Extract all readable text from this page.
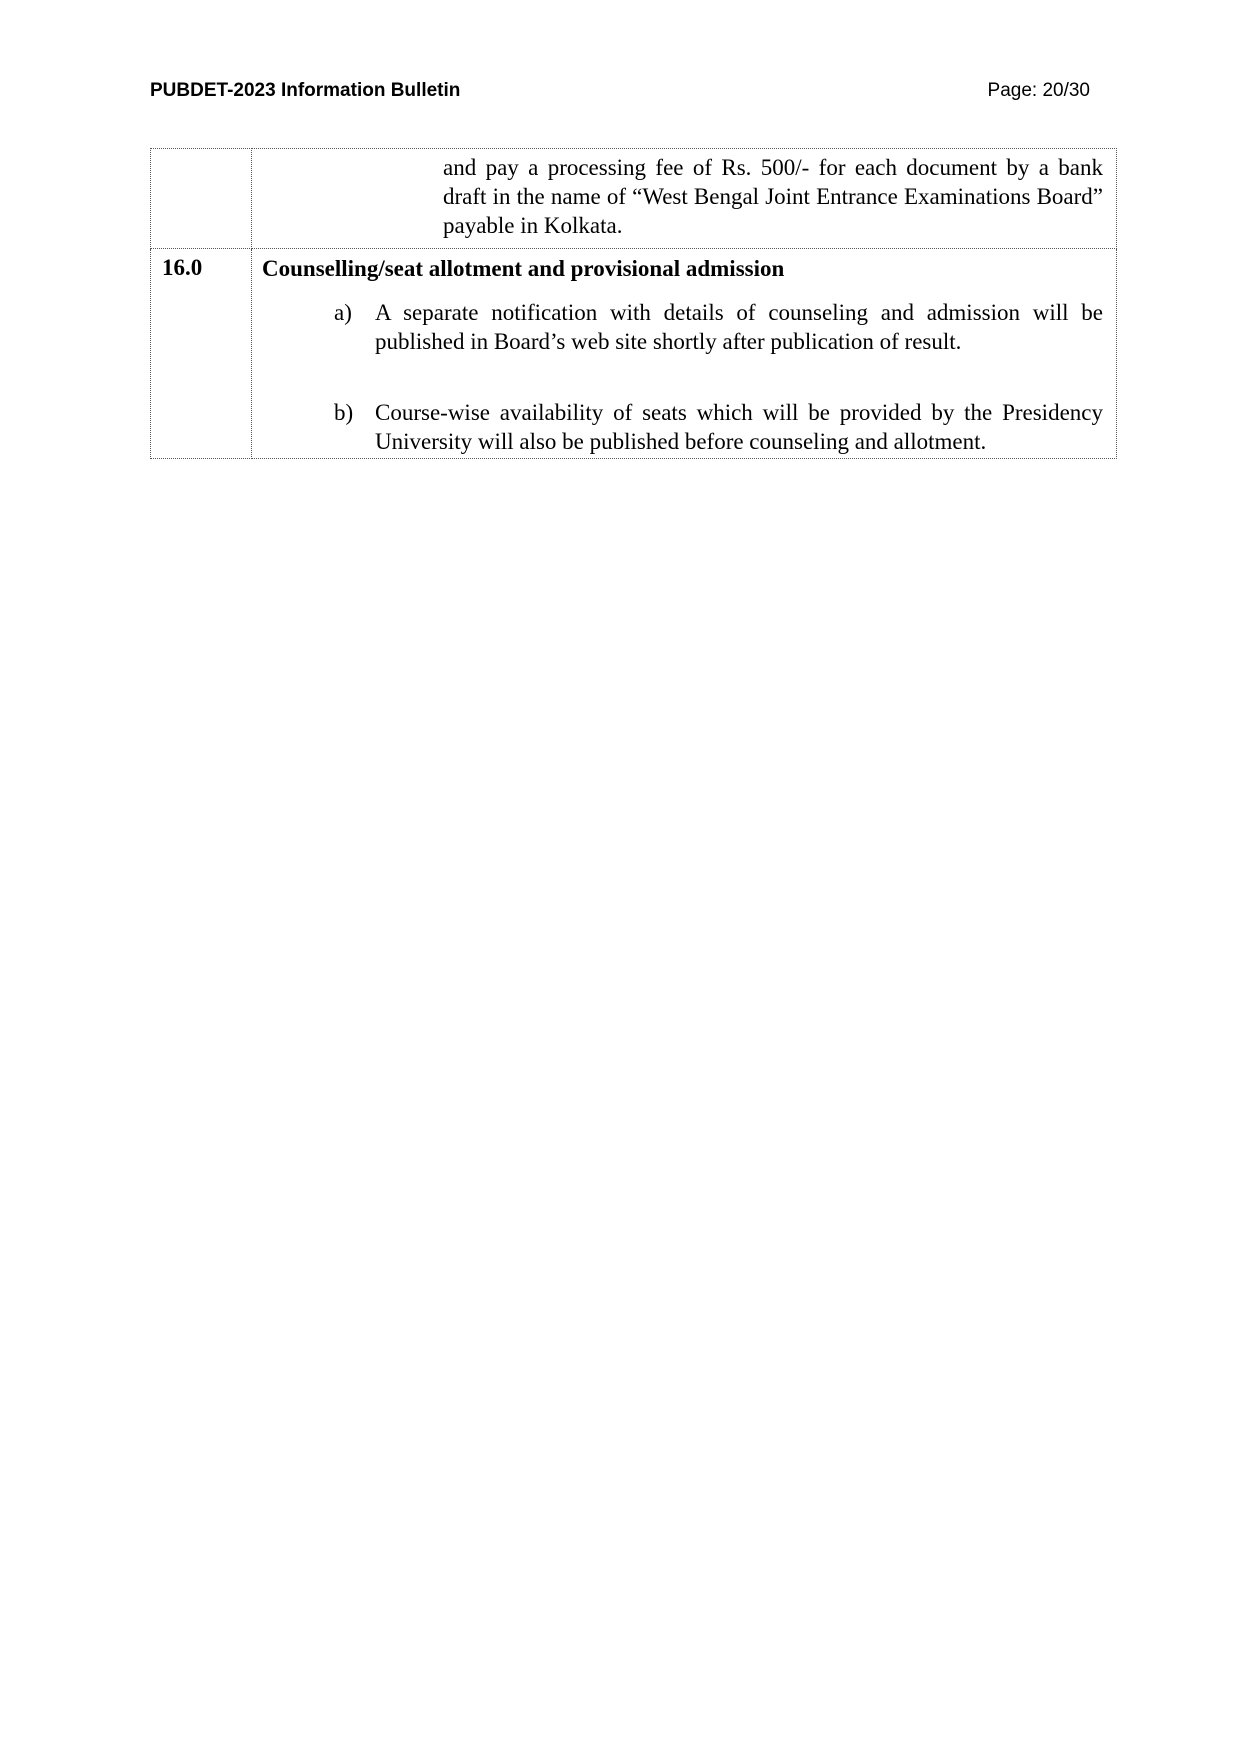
PUBDET-2023 Information Bulletin	Page: 20/30

	and pay a processing fee of Rs. 500/- for each document by a bank draft in the name of “West Bengal Joint Entrance Examinations Board” payable in Kolkata.

16.0	Counselling/seat allotment and provisional admission
a) A separate notification with details of counseling and admission will be published in Board’s web site shortly after publication of result.
b) Course-wise availability of seats which will be provided by the Presidency University will also be published before counseling and allotment.
